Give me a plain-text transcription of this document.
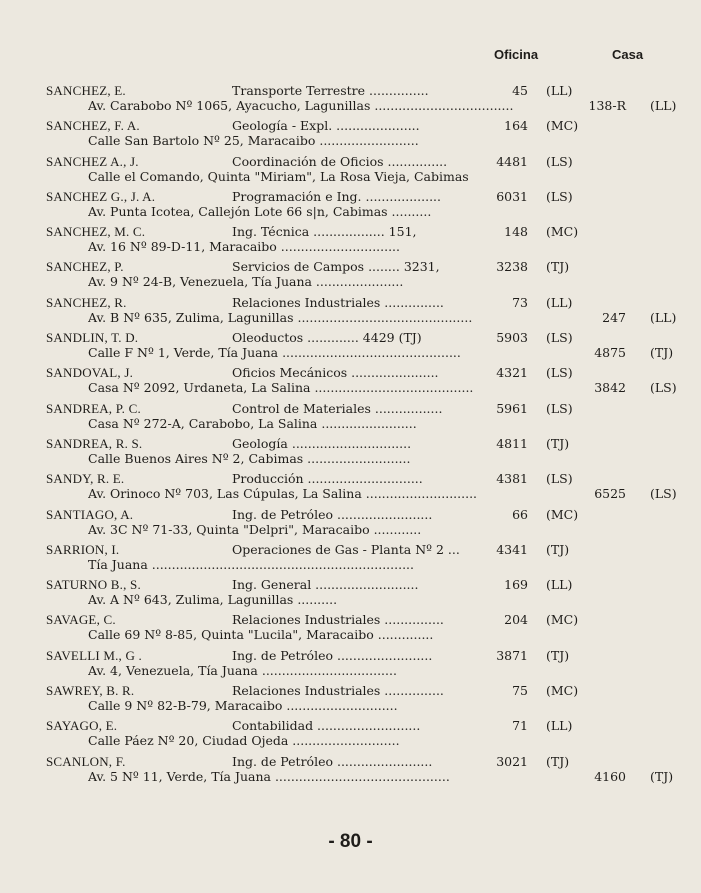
Oficina	Casa
SANCHEZ, E.	Transporte Terrestre ...............	45 (LL)
Av. Carabobo Nº 1065, Ayacucho, Lagunillas ...................................	138-R (LL)
SANCHEZ, F. A.	Geología - Expl. .....................	164 (MC)
Calle San Bartolo Nº 25, Maracaibo .........................
SANCHEZ A., J.	Coordinación de Oficios ...............	4481 (LS)
Calle el Comando, Quinta "Miriam", La Rosa Vieja, Cabimas
SANCHEZ G., J. A.	Programación e Ing. ...................	6031 (LS)
Av. Punta Icotea, Callejón Lote 66 s|n, Cabimas ..........
SANCHEZ, M. C.	Ing. Técnica .................. 151,	148 (MC)
Av. 16 Nº 89-D-11, Maracaibo ..............................
SANCHEZ, P.	Servicios de Campos ........ 3231,	3238 (TJ)
Av. 9 Nº 24-B, Venezuela, Tía Juana ......................
SANCHEZ, R.	Relaciones Industriales ...............	73 (LL)
Av. B Nº 635, Zulima, Lagunillas ............................................	247 (LL)
SANDLIN, T. D.	Oleoductos ............. 4429 (TJ)	5903 (LS)
Calle F Nº 1, Verde, Tía Juana .............................................	4875 (TJ)
SANDOVAL, J.	Oficios Mecánicos ......................	4321 (LS)
Casa Nº 2092, Urdaneta, La Salina ........................................	3842 (LS)
SANDREA, P. C.	Control de Materiales .................	5961 (LS)
Casa Nº 272-A, Carabobo, La Salina ........................
SANDREA, R. S.	Geología ..............................	4811 (TJ)
Calle Buenos Aires Nº 2, Cabimas ..........................
SANDY, R. E.	Producción .............................	4381 (LS)
Av. Orinoco Nº 703, Las Cúpulas, La Salina ............................	6525 (LS)
SANTIAGO, A.	Ing. de Petróleo ........................	66 (MC)
Av. 3C Nº 71-33, Quinta "Delpri", Maracaibo ............
SARRION, I.	Operaciones de Gas - Planta Nº 2 ...	4341 (TJ)
Tía Juana ..................................................................
SATURNO B., S.	Ing. General ..........................	169 (LL)
Av. A Nº 643, Zulima, Lagunillas ..........
SAVAGE, C.	Relaciones Industriales ...............	204 (MC)
Calle 69 Nº 8-85, Quinta "Lucila", Maracaibo ..............
SAVELLI M., G .	Ing. de Petróleo ........................	3871 (TJ)
Av. 4, Venezuela, Tía Juana ..................................
SAWREY, B. R.	Relaciones Industriales ...............	75 (MC)
Calle 9 Nº 82-B-79, Maracaibo ............................
SAYAGO, E.	Contabilidad ..........................	71 (LL)
Calle Páez Nº 20, Ciudad Ojeda ...........................
SCANLON, F.	Ing. de Petróleo ........................	3021 (TJ)
Av. 5 Nº 11, Verde, Tía Juana ............................................	4160 (TJ)
- 80 -
